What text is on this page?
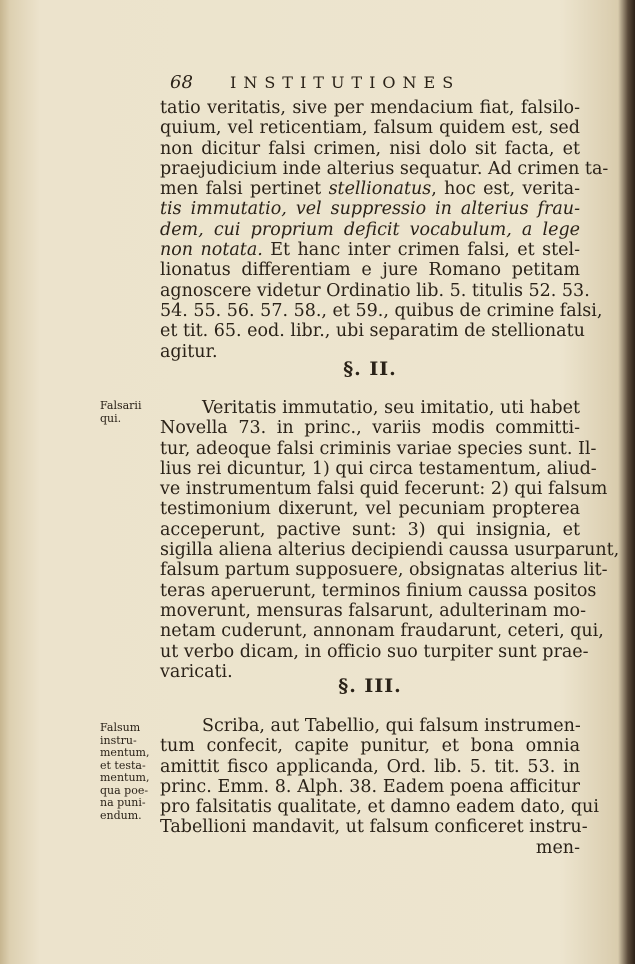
68	INSTITUTIONES
tatio veritatis, sive per mendacium fiat, falsilo-
quium, vel reticentiam, falsum quidem est, sed
non dicitur falsi crimen, nisi dolo sit facta, et
praejudicium inde alterius sequatur. Ad crimen ta-
men falsi pertinet stellionatus, hoc est, verita-
tis immutatio, vel suppressio in alterius frau-
dem, cui proprium deficit vocabulum, a lege
non notata. Et hanc inter crimen falsi, et stel-
lionatus differentiam e jure Romano petitam
agnoscere videtur Ordinatio lib. 5. titulis 52. 53.
54. 55. 56. 57. 58., et 59., quibus de crimine falsi,
et tit. 65. eod. libr., ubi separatim de stellionatu
agitur.
§. II.
Falsarii
qui.	Veritatis immutatio, seu imitatio, uti habet
Novella 73. in princ., variis modis committi-
tur, adeoque falsi criminis variae species sunt. Il-
lius rei dicuntur, 1) qui circa testamentum, aliud-
ve instrumentum falsi quid fecerunt: 2) qui falsum
testimonium dixerunt, vel pecuniam propterea
acceperunt, pactive sunt: 3) qui insignia, et
sigilla aliena alterius decipiendi caussa usurparunt,
falsum partum supposuere, obsignatas alterius lit-
teras aperuerunt, terminos finium caussa positos
moverunt, mensuras falsarunt, adulterinam mo-
netam cuderunt, annonam fraudarunt, ceteri, qui,
ut verbo dicam, in officio suo turpiter sunt prae-
varicati.
§. III.
Falsum
instru-
mentum,
et testa-
mentum,
qua poe-
na puni-
endum.
Scriba, aut Tabellio, qui falsum instrumen-
tum confecit, capite punitur, et bona omnia
amittit fisco applicanda, Ord. lib. 5. tit. 53. in
princ. Emm. 8. Alph. 38. Eadem poena afficitur
pro falsitatis qualitate, et damno eadem dato, qui
Tabellioni mandavit, ut falsum conficeret instru-
men-
